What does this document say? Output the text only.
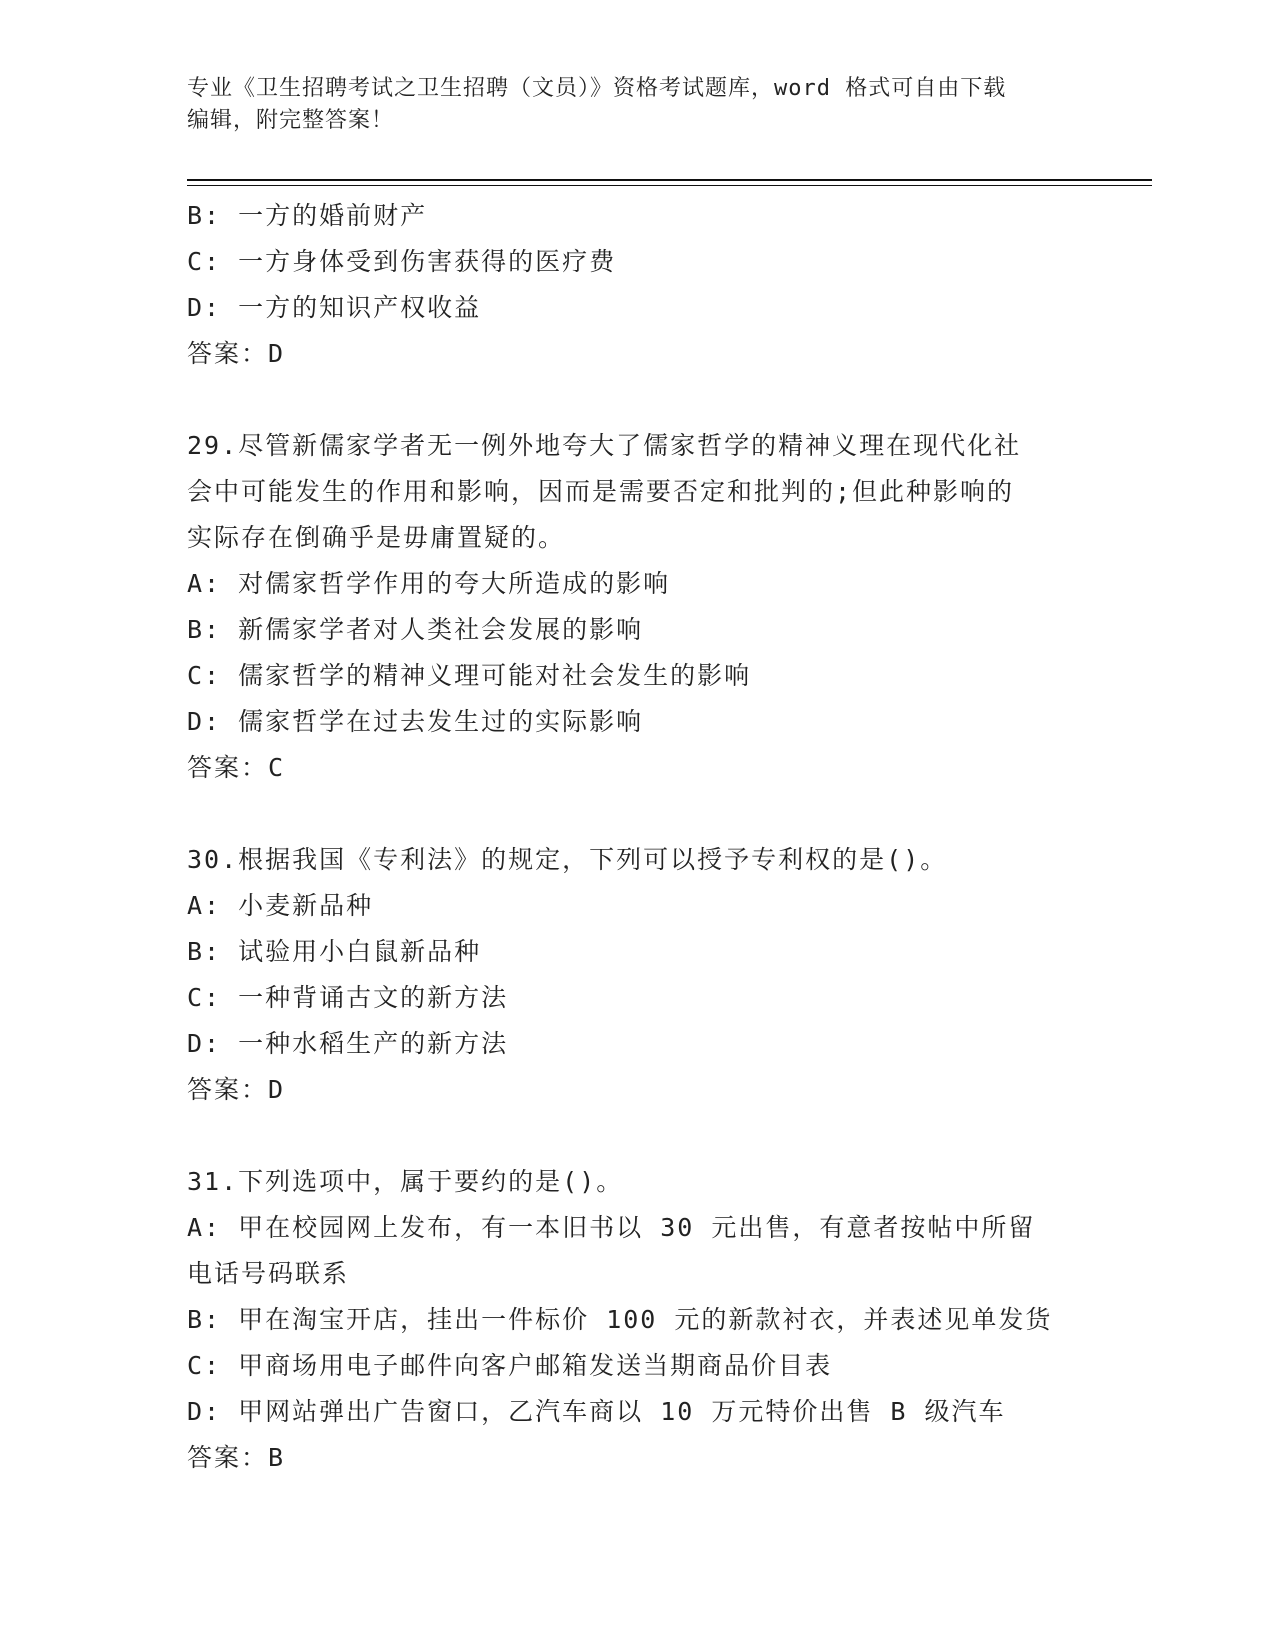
专业《卫生招聘考试之卫生招聘（文员）》资格考试题库，word 格式可自由下载
编辑，附完整答案！
B: 一方的婚前财产
C: 一方身体受到伤害获得的医疗费
D: 一方的知识产权收益
答案：D
29.尽管新儒家学者无一例外地夸大了儒家哲学的精神义理在现代化社
会中可能发生的作用和影响，因而是需要否定和批判的;但此种影响的
实际存在倒确乎是毋庸置疑的。
A: 对儒家哲学作用的夸大所造成的影响
B: 新儒家学者对人类社会发展的影响
C: 儒家哲学的精神义理可能对社会发生的影响
D: 儒家哲学在过去发生过的实际影响
答案：C
30.根据我国《专利法》的规定，下列可以授予专利权的是()。
A: 小麦新品种
B: 试验用小白鼠新品种
C: 一种背诵古文的新方法
D: 一种水稻生产的新方法
答案：D
31.下列选项中，属于要约的是()。
A: 甲在校园网上发布，有一本旧书以 30 元出售，有意者按帖中所留
电话号码联系
B: 甲在淘宝开店，挂出一件标价 100 元的新款衬衣，并表述见单发货
C: 甲商场用电子邮件向客户邮箱发送当期商品价目表
D: 甲网站弹出广告窗口，乙汽车商以 10 万元特价出售 B 级汽车
答案：B
